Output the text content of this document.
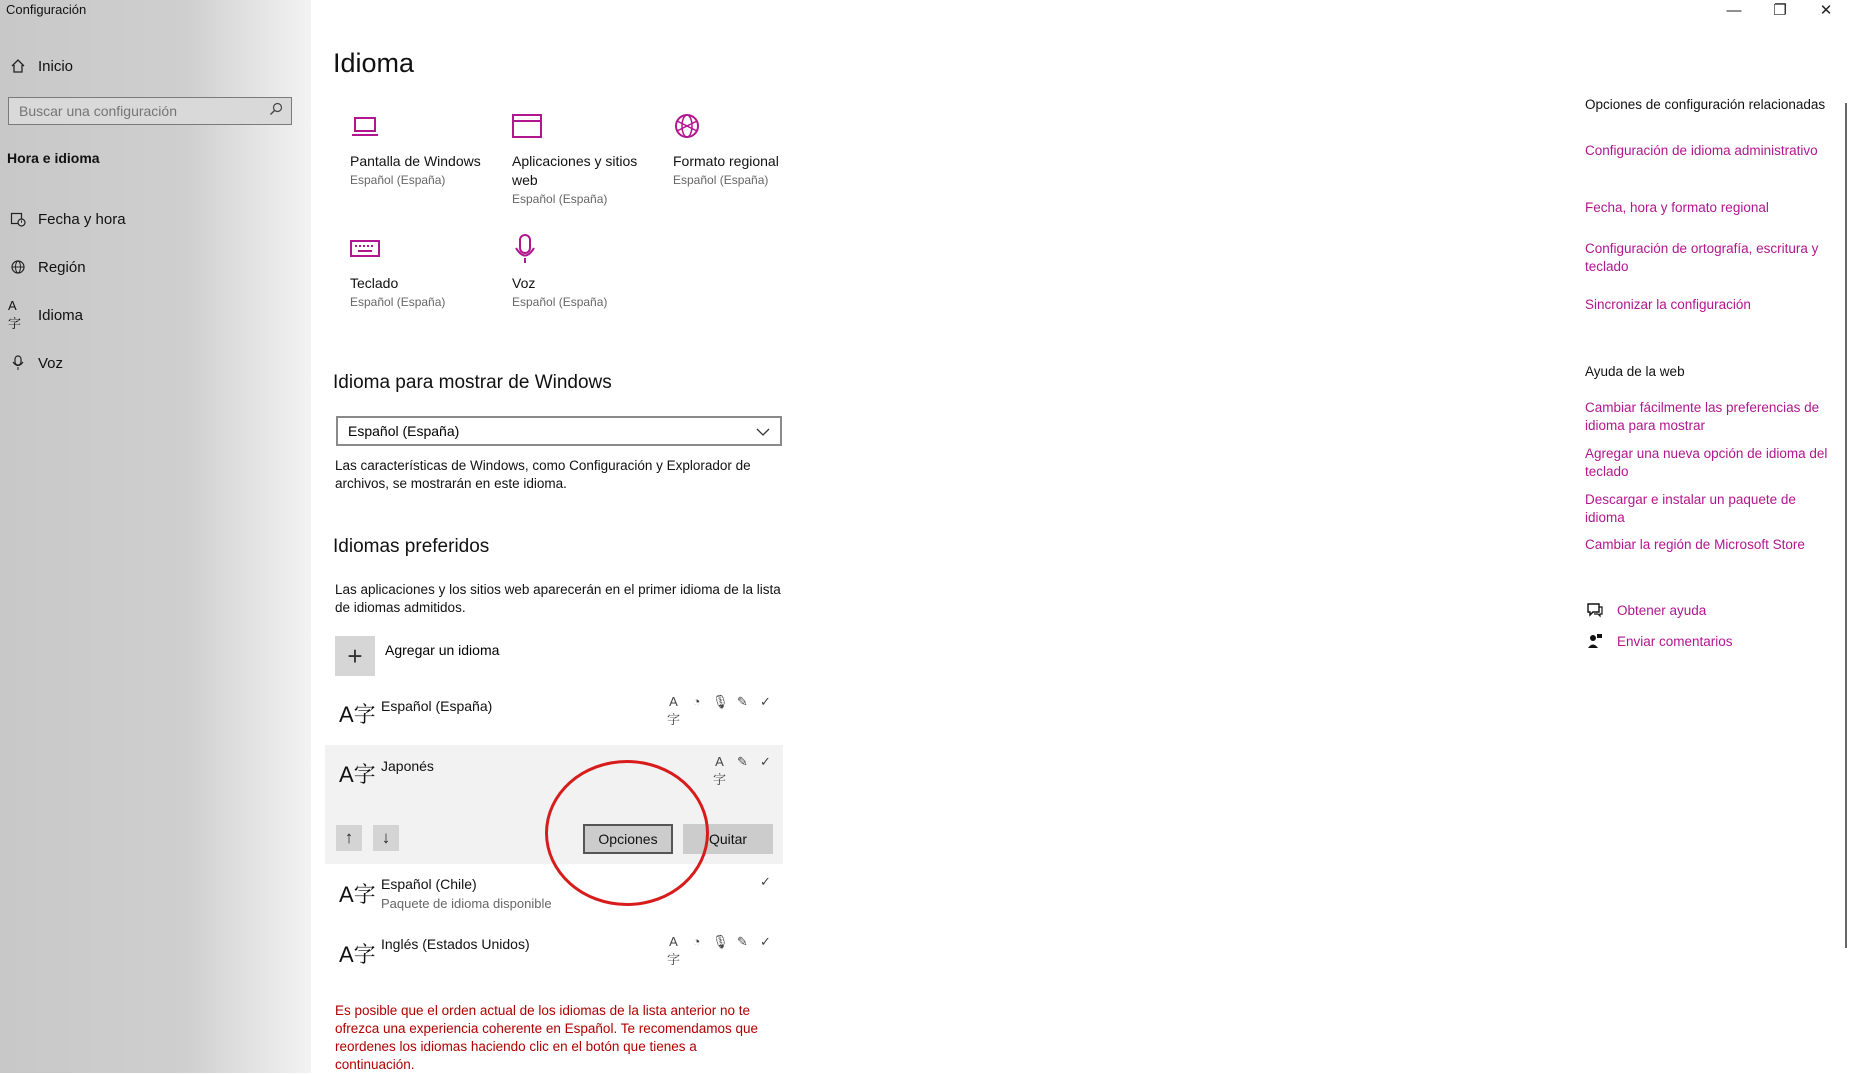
Configuración
Inicio
Buscar una configuración
Hora e idioma
Fecha y hora
Región
A字	Idioma
Voz
—	❐	✕
Idioma
Pantalla de Windows
Español (España)
Aplicaciones y sitios web
Español (España)
Formato regional
Español (España)
Teclado
Español (España)
Voz
Español (España)
Idioma para mostrar de Windows
Español (España)
Las características de Windows, como Configuración y Explorador de archivos, se mostrarán en este idioma.
Idiomas preferidos
Las aplicaciones y los sitios web aparecerán en el primer idioma de la lista de idiomas admitidos.
+	Agregar un idioma
A字 Español (España)	A字
◔ 🎙 ✎ ✓
A字 Japonés	A字
✎ ✓
↑ ↓	Opciones	Quitar
A字 Español (Chile)
Paquete de idioma disponible
✓
A字 Inglés (Estados Unidos)	A字
◔ 🎙 ✎ ✓
Es posible que el orden actual de los idiomas de la lista anterior no te ofrezca una experiencia coherente en Español. Te recomendamos que reordenes los idiomas haciendo clic en el botón que tienes a continuación.
Opciones de configuración relacionadas
Configuración de idioma administrativo
Fecha, hora y formato regional
Configuración de ortografía, escritura y teclado
Sincronizar la configuración
Ayuda de la web
Cambiar fácilmente las preferencias de idioma para mostrar
Agregar una nueva opción de idioma del teclado
Descargar e instalar un paquete de idioma
Cambiar la región de Microsoft Store
Obtener ayuda
Enviar comentarios
